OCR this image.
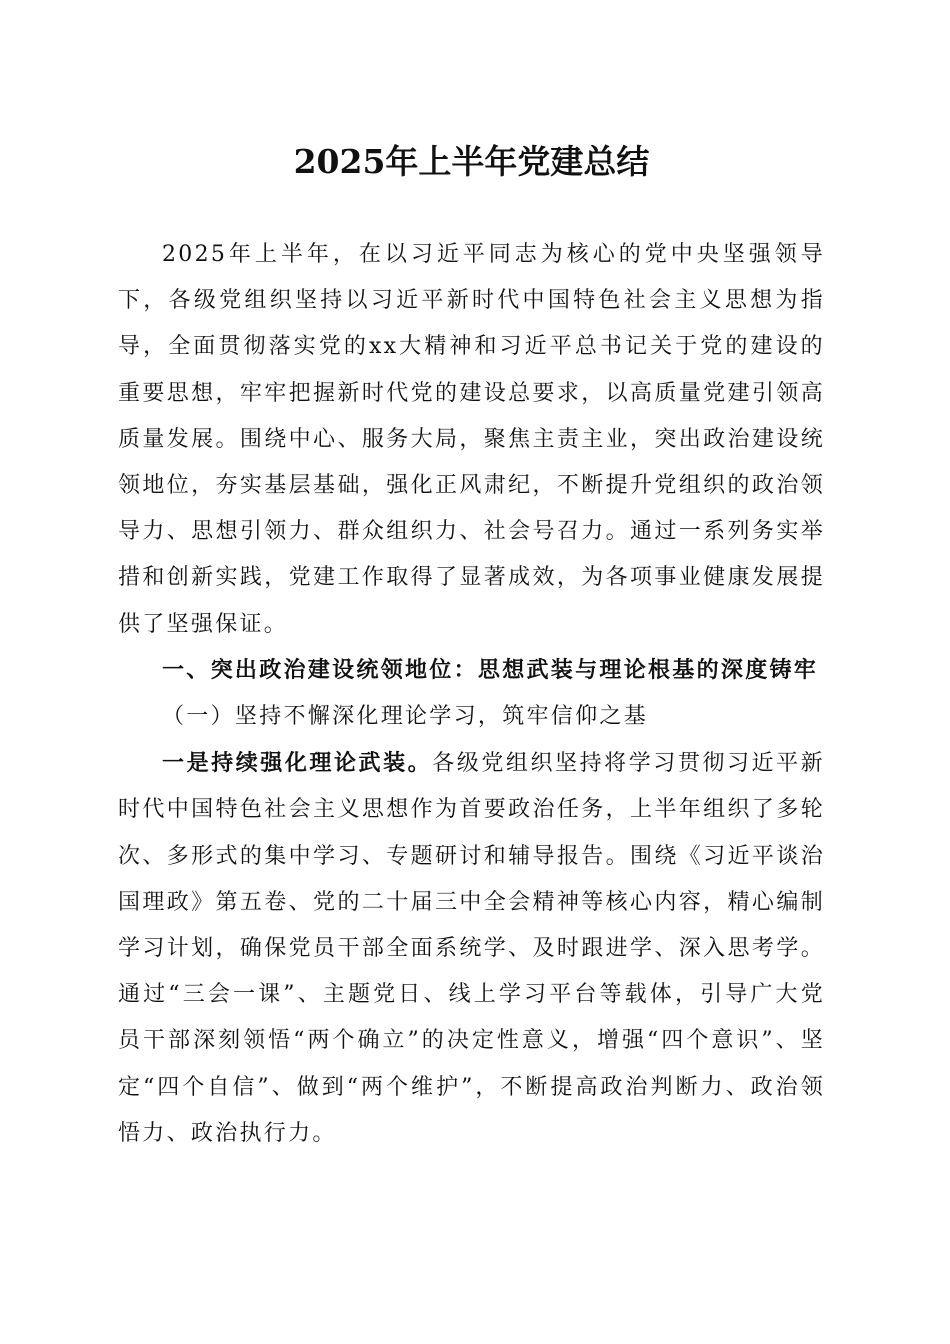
2025年上半年党建总结

2025年上半年，在以习近平同志为核心的党中央坚强领导下，各级党组织坚持以习近平新时代中国特色社会主义思想为指导，全面贯彻落实党的xx大精神和习近平总书记关于党的建设的重要思想，牢牢把握新时代党的建设总要求，以高质量党建引领高质量发展。围绕中心、服务大局，聚焦主责主业，突出政治建设统领地位，夯实基层基础，强化正风肃纪，不断提升党组织的政治领导力、思想引领力、群众组织力、社会号召力。通过一系列务实举措和创新实践，党建工作取得了显著成效，为各项事业健康发展提供了坚强保证。

一、突出政治建设统领地位：思想武装与理论根基的深度铸牢

（一）坚持不懈深化理论学习，筑牢信仰之基

一是持续强化理论武装。各级党组织坚持将学习贯彻习近平新时代中国特色社会主义思想作为首要政治任务，上半年组织了多轮次、多形式的集中学习、专题研讨和辅导报告。围绕《习近平谈治国理政》第五卷、党的二十届三中全会精神等核心内容，精心编制学习计划，确保党员干部全面系统学、及时跟进学、深入思考学。通过“三会一课”、主题党日、线上学习平台等载体，引导广大党员干部深刻领悟“两个确立”的决定性意义，增强“四个意识”、坚定“四个自信”、做到“两个维护”，不断提高政治判断力、政治领悟力、政治执行力。
